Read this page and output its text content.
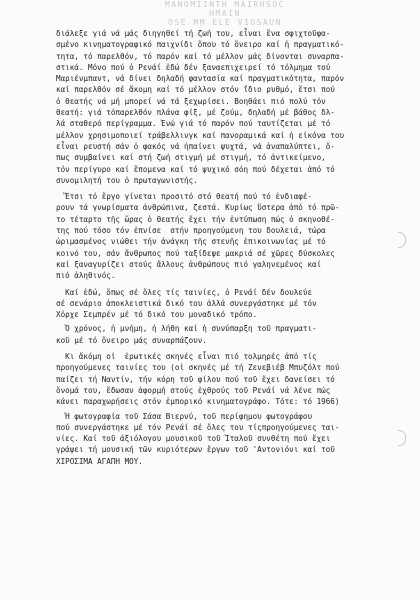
MANOMIINTH MAIRHSOC
HMAIN
OSE MM ELE VIOSAUN
διάλεξε γιά νά μάς διηγηθεί τή ζωή του, εἶναι ἕνα σφιχτοῦφα-
σμένο κινηματογραφικό παιχνίδι ὅπου τό ὄνειρο καί ἡ πραγματικό-
τητα, τό παρελθόν, τό παρόν καί τό μέλλον μάς δίνονται συναρπα-
στικά. Μόνο πού ὁ Ρενάί ἐδώ δέν ξαναεπιχειρεί τό τόλμημα τού
Μαριένμπαντ, νά δίνει δηλαδή φαντασία καί πραγματικότητα, παρόν
καί παρελθόν σέ ἄκομη καί τό μέλλον στόν ἴδιο ρυθμό, ἔτσι πού
ὁ θεατής νά μή μπορεί νά τά ξεχωρίσει. Βοηθάει πιό πολύ τόν
θεατή: γιά τόπαρελθόν πλάνα φίξ, μέ ζούμ, δηλαδή μέ βάθος δλ-
λά σταθερό περίγραμμα. Ἐνώ γιά τό παρόν πού ταυτίζεται μέ τό
μέλλον χρησιμοποιεί τράβελλινγκ καί πανοραμικά καί ἡ εἰκόνα του
εἶναι ρευστή σάν ὁ φακός νά ἠπαίνει ψυχτά, νά ἀναπαλύπτει, ὅ-
πως συμβαίνει καί στή ζωή στιγμή μέ στιγμή, τό ἀντικείμενο,
τόν περίγυρο καί ἔπομενα καί τό ψυχικό σόη πού δέχεται ἀπό τό
συνομιλητή του ὁ πρωταγωνιστής.
Ἔτσι τό ἔργο γίνεται προσιτό στό θεατή πού τό ἐνδιαφέ-
ρουν τά γνωρίσματα ἀνθρώπινα, ζεστά. Κυρίως ὕστερα ἀπό τό πρῶ-
το τέταρτο τῆς ὥρας ὁ θεατής ἔχει τήν ἐντύπωση πώς ὁ σκηνοθέ-
της πού τόσο τόν ἐπνίσε  στήν προηγούμενη του δουλειά, τώρα
ὡριμασμένος νιώθει τήν ἀνάγκη τῆς στενῆς ἐπικοινωνίας μέ τό
κοινό του, σάν ἄνθρωπος πού ταξίδεψε μακριά σέ χῶρες δύσκολες
καί ξαναγυρίζει στούς ἄλλους ἀνθρώπους πιό γαληνεμένος καί
πιό ἀληθινός.
Καί ἐδώ, ὅπως σέ ὅλες τίς ταινίες, ὁ Ρενάί δέν δουλεύε
σέ σενάριο ἀποκλειστικά δικό του ἀλλά συνεργάστηκε μέ τόν
Χόρχε Σεμπρέν μέ τό δικό του μοναδικό τρόπο.
Ὁ χρόνος, ἡ μνήμη, ἡ λήθη καί ἡ συνύπαρξη τοῦ πραγματι-
κοῦ μέ τό ὄνειρο μάς συναρπάζουν.
Κι ἄκόμη οἱ  ἐρωτικές σκηνές εἶναι πιό τολμηρές ἀπό τίς
προηγούμενες ταινίες του (οἱ σκηνές μέ τή Ζενεβιέβ Μπυζόλτ πού
παίζει τή Ναντίν, τήν κόρη τοῦ φίλου πού τοῦ ἔχει δανείσει τό
ὄνομά του, ἔδωσαν ἀφορμή στούς ἐχθρούς τοῦ Ρενάί νά λένε πώς
κάνει παραχωρήσεις στόν ἐμπορικό κινηματογράφο. Τότε: τό 1966)
Ἡ φωτογραφία τοῦ Σάσα Βιερνύ, τοῦ περίφημου φωτογράφου
πού συνεργάστηκε μέ τόν Ρενάί σέ ὅλες του τίςπροηγούμενες ται-
νίες. Καί τοῦ ἀξιόλογου μουσικοῦ τοῦ Ἰταλοῦ συνθέτη πού ἔχει
γράψει τή μουσική τῶν κυριότερων ἔργων τοῦ 'Αντονιόνι καί τοῦ
ΧΙΡΟΣΙΜΑ ΑΓΑΠΗ ΜΟΥ.
